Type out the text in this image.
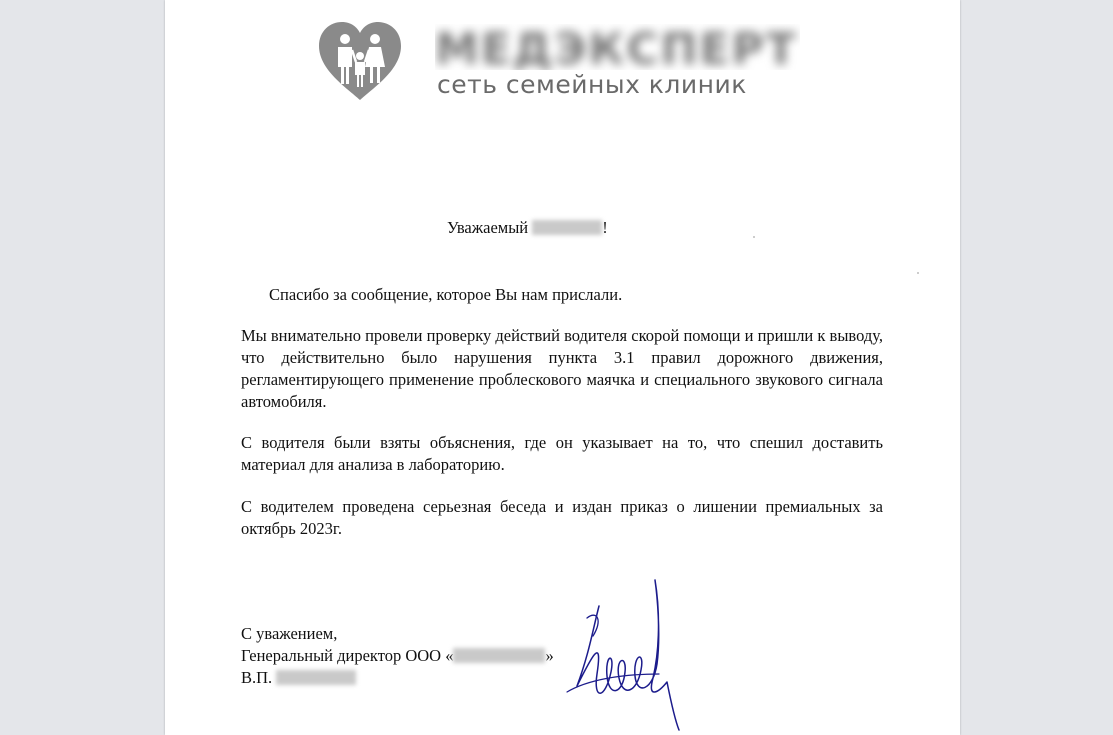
МЕДЭКСПЕРТ
сеть семейных клиник
Уважаемый	!

Спасибо за сообщение, которое Вы нам прислали.

Мы внимательно провели проверку действий водителя скорой помощи и пришли к выводу, что действительно было нарушения пункта 3.1 правил дорожного движения, регламентирующего применение проблескового маячка и специального звукового сигнала автомобиля.

С водителя были взяты объяснения, где он указывает на то, что спешил доставить материал для анализа в лабораторию.

С водителем проведена серьезная беседа и издан приказ о лишении премиальных за октябрь 2023г.

С уважением,
Генеральный директор ООО «	»
В.П.
